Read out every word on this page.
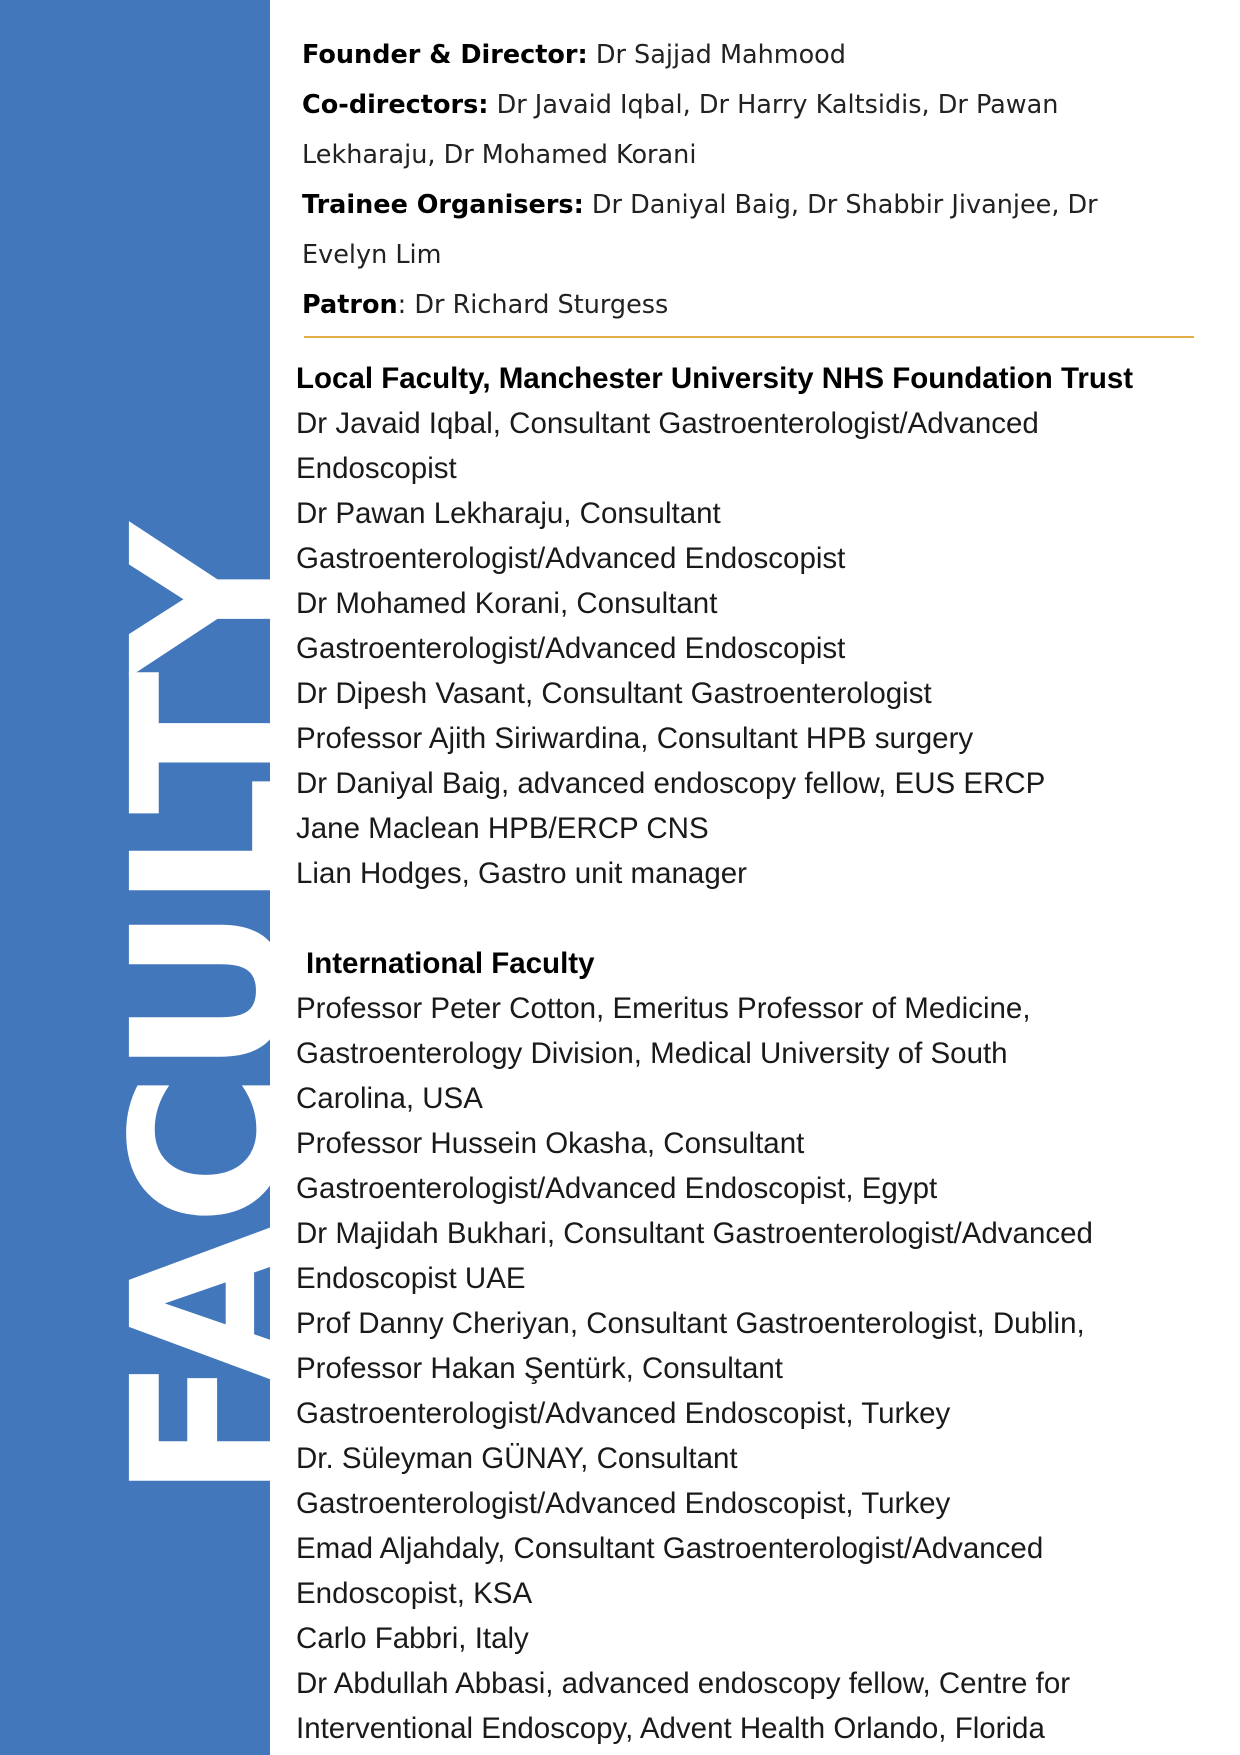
FACULTY

Founder & Director: Dr Sajjad Mahmood

Co-directors: Dr Javaid Iqbal, Dr Harry Kaltsidis, Dr Pawan

Lekharaju, Dr Mohamed Korani

Trainee Organisers: Dr Daniyal Baig, Dr Shabbir Jivanjee, Dr

Evelyn Lim

Patron: Dr Richard Sturgess

Local Faculty, Manchester University NHS Foundation Trust

Dr Javaid Iqbal, Consultant Gastroenterologist/Advanced

Endoscopist

Dr Pawan Lekharaju, Consultant

Gastroenterologist/Advanced Endoscopist

Dr Mohamed Korani, Consultant

Gastroenterologist/Advanced Endoscopist

Dr Dipesh Vasant, Consultant Gastroenterologist

Professor Ajith Siriwardina, Consultant HPB surgery

Dr Daniyal Baig, advanced endoscopy fellow, EUS ERCP

Jane Maclean HPB/ERCP CNS

Lian Hodges, Gastro unit manager

International Faculty

Professor Peter Cotton, Emeritus Professor of Medicine,

Gastroenterology Division, Medical University of South

Carolina, USA

Professor Hussein Okasha, Consultant

Gastroenterologist/Advanced Endoscopist, Egypt

Dr Majidah Bukhari, Consultant Gastroenterologist/Advanced

Endoscopist UAE

Prof Danny Cheriyan, Consultant Gastroenterologist, Dublin,

Professor Hakan Şentürk, Consultant

Gastroenterologist/Advanced Endoscopist, Turkey

Dr. Süleyman GÜNAY, Consultant

Gastroenterologist/Advanced Endoscopist, Turkey

Emad Aljahdaly, Consultant Gastroenterologist/Advanced

Endoscopist, KSA

Carlo Fabbri, Italy

Dr Abdullah Abbasi, advanced endoscopy fellow, Centre for

Interventional Endoscopy, Advent Health Orlando, Florida
